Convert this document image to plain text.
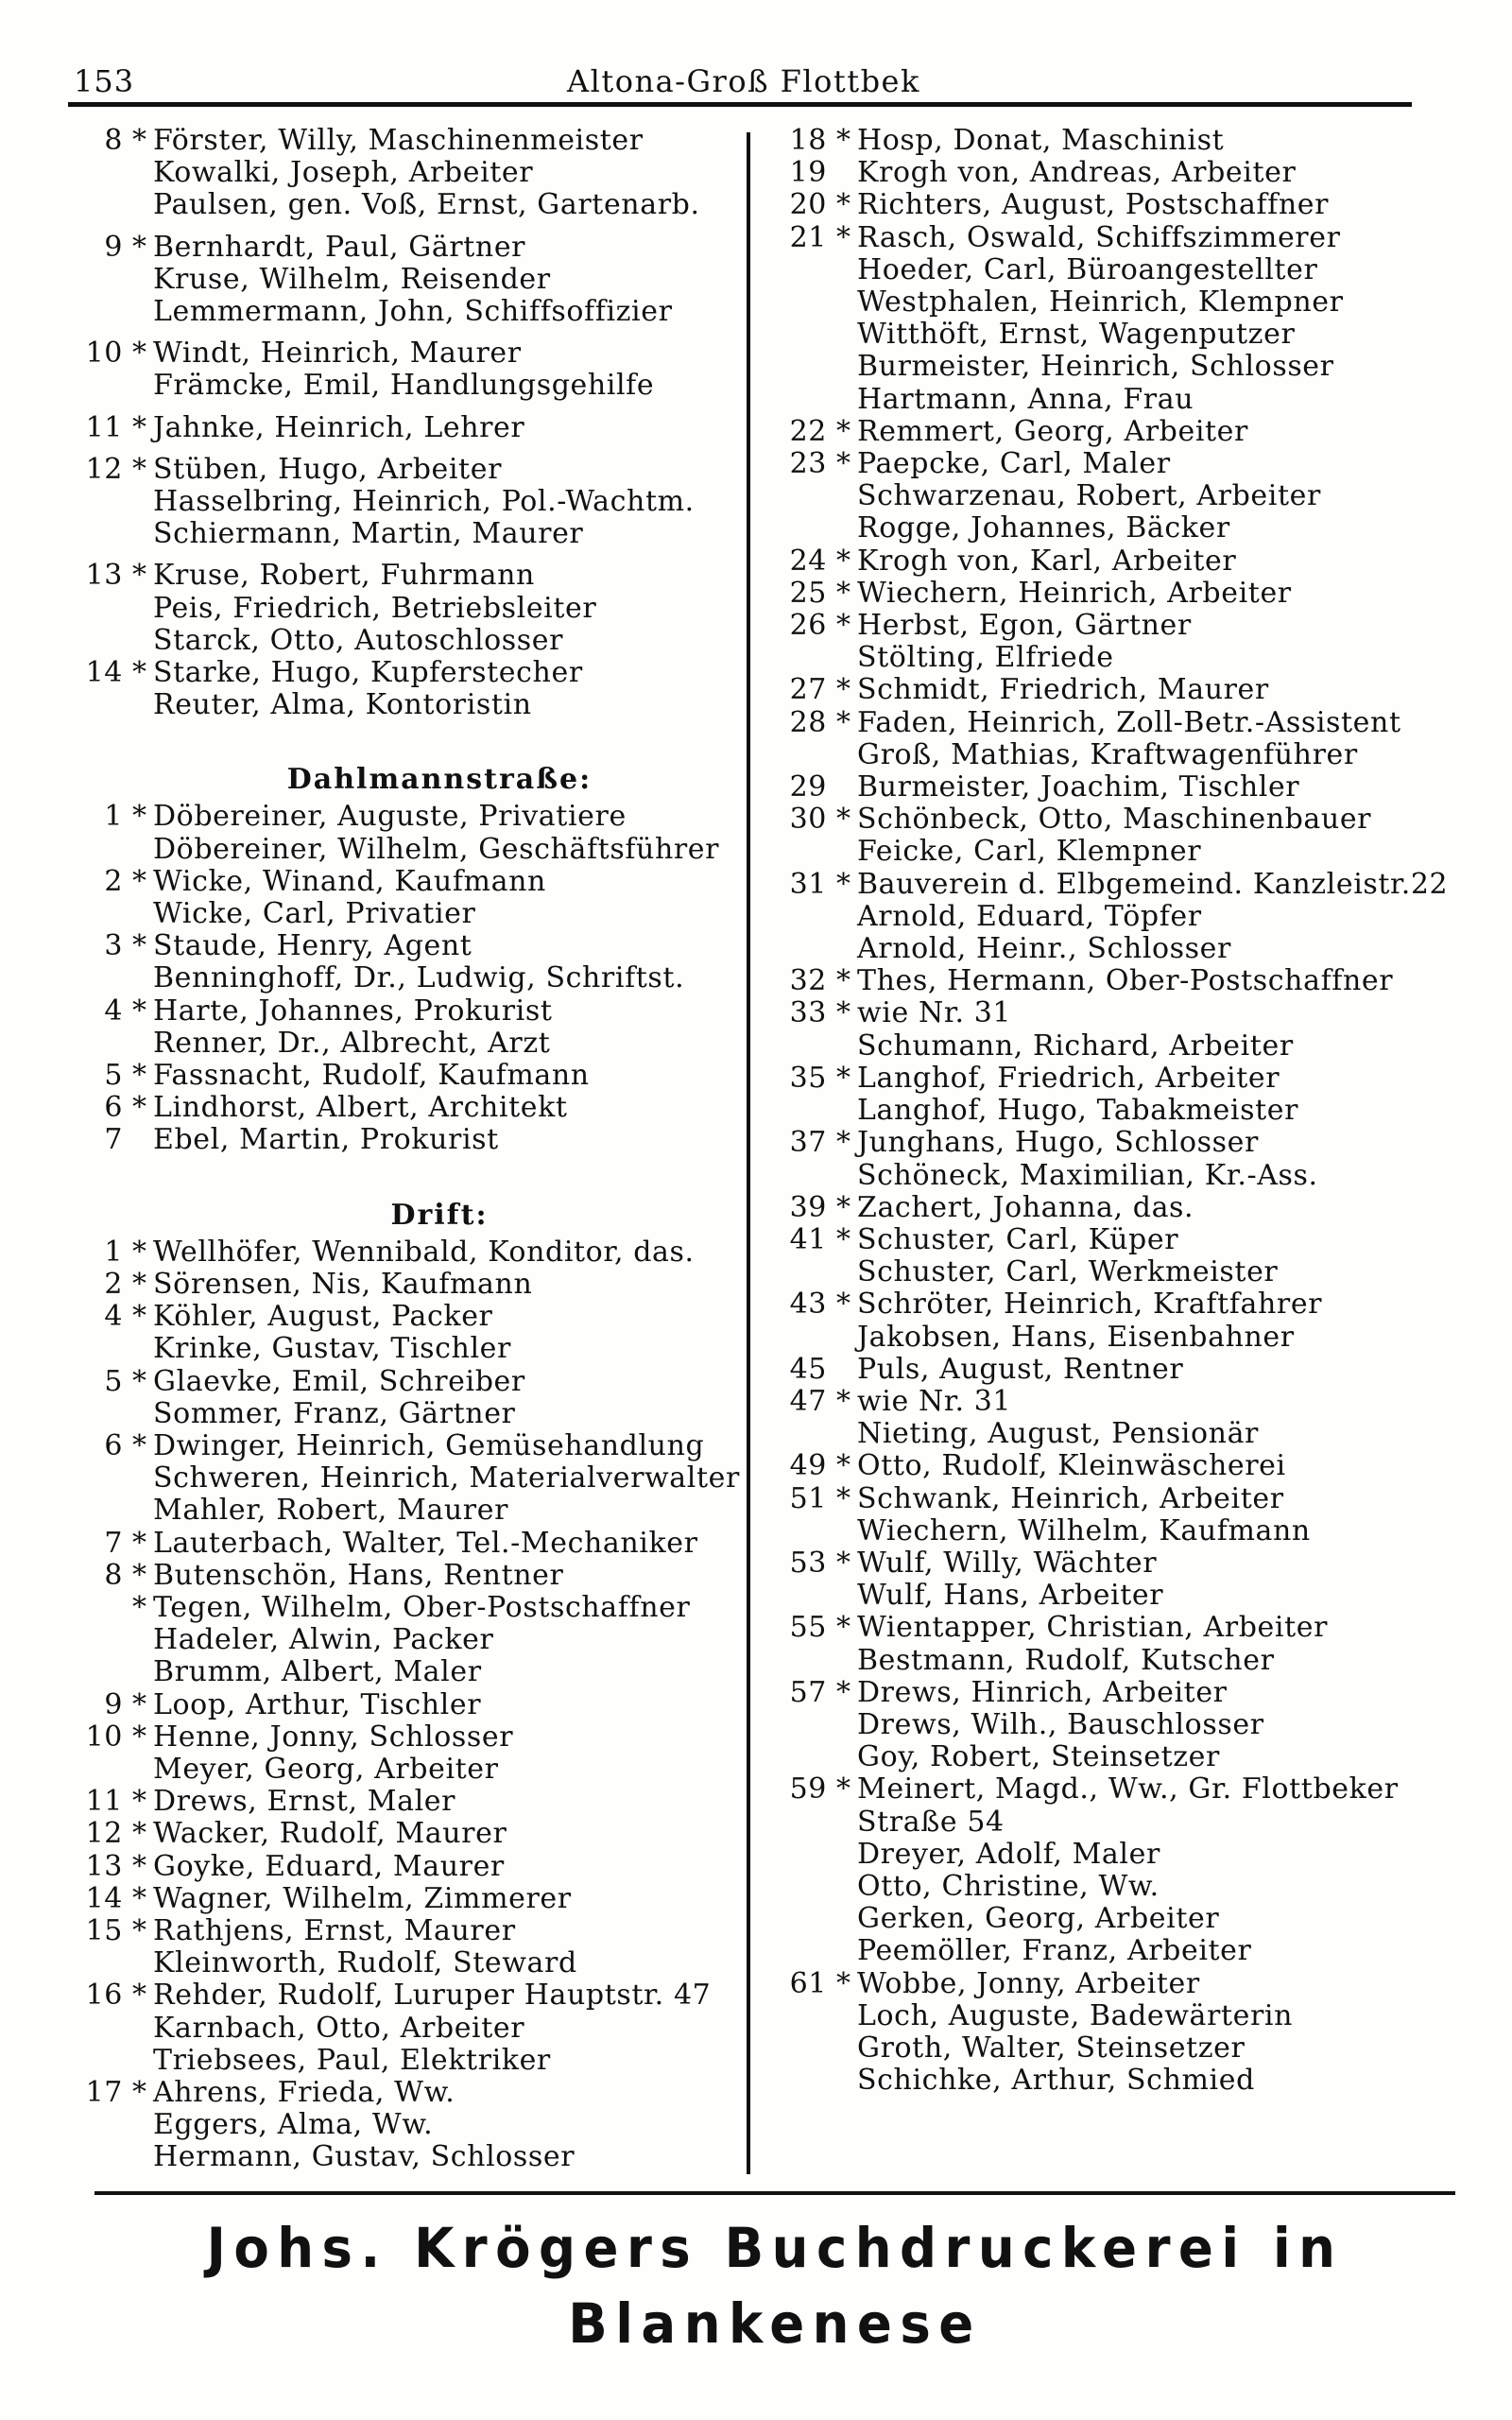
153	Altona-Groß Flottbek
8 * Förster, Willy, Maschinenmeister
Kowalki, Joseph, Arbeiter
Paulsen, gen. Voß, Ernst, Gartenarb.
9 * Bernhardt, Paul, Gärtner
Kruse, Wilhelm, Reisender
Lemmermann, John, Schiffsoffizier
10 * Windt, Heinrich, Maurer
Främcke, Emil, Handlungsgehilfe
11 * Jahnke, Heinrich, Lehrer
12 * Stüben, Hugo, Arbeiter
Hasselbring, Heinrich, Pol.-Wachtm.
Schiermann, Martin, Maurer
13 * Kruse, Robert, Fuhrmann
Peis, Friedrich, Betriebsleiter
Starck, Otto, Autoschlosser
14 * Starke, Hugo, Kupferstecher
Reuter, Alma, Kontoristin
Dahlmannstraße:
1 * Döbereiner, Auguste, Privatiere
Döbereiner, Wilhelm, Geschäftsführer
2 * Wicke, Winand, Kaufmann
Wicke, Carl, Privatier
3 * Staude, Henry, Agent
Benninghoff, Dr., Ludwig, Schriftst.
4 * Harte, Johannes, Prokurist
Renner, Dr., Albrecht, Arzt
5 * Fassnacht, Rudolf, Kaufmann
6 * Lindhorst, Albert, Architekt
7	Ebel, Martin, Prokurist
Drift:
1 * Wellhöfer, Wennibald, Konditor, das.
2 * Sörensen, Nis, Kaufmann
4 * Köhler, August, Packer
Krinke, Gustav, Tischler
5 * Glaevke, Emil, Schreiber
Sommer, Franz, Gärtner
6 * Dwinger, Heinrich, Gemüsehandlung
Schweren, Heinrich, Materialverwalter
Mahler, Robert, Maurer
7 * Lauterbach, Walter, Tel.-Mechaniker
8 * Butenschön, Hans, Rentner
* Tegen, Wilhelm, Ober-Postschaffner
Hadeler, Alwin, Packer
Brumm, Albert, Maler
9 * Loop, Arthur, Tischler
10 * Henne, Jonny, Schlosser
Meyer, Georg, Arbeiter
11 * Drews, Ernst, Maler
12 * Wacker, Rudolf, Maurer
13 * Goyke, Eduard, Maurer
14 * Wagner, Wilhelm, Zimmerer
15 * Rathjens, Ernst, Maurer
Kleinworth, Rudolf, Steward
16 * Rehder, Rudolf, Luruper Hauptstr. 47
Karnbach, Otto, Arbeiter
Triebsees, Paul, Elektriker
17 * Ahrens, Frieda, Ww.
Eggers, Alma, Ww.
Hermann, Gustav, Schlosser
18 * Hosp, Donat, Maschinist
19	Krogh von, Andreas, Arbeiter
20 * Richters, August, Postschaffner
21 * Rasch, Oswald, Schiffszimmerer
Hoeder, Carl, Büroangestellter
Westphalen, Heinrich, Klempner
Witthöft, Ernst, Wagenputzer
Burmeister, Heinrich, Schlosser
Hartmann, Anna, Frau
22 * Remmert, Georg, Arbeiter
23 * Paepcke, Carl, Maler
Schwarzenau, Robert, Arbeiter
Rogge, Johannes, Bäcker
24 * Krogh von, Karl, Arbeiter
25 * Wiechern, Heinrich, Arbeiter
26 * Herbst, Egon, Gärtner
Stölting, Elfriede
27 * Schmidt, Friedrich, Maurer
28 * Faden, Heinrich, Zoll-Betr.-Assistent
Groß, Mathias, Kraftwagenführer
29	Burmeister, Joachim, Tischler
30 * Schönbeck, Otto, Maschinenbauer
Feicke, Carl, Klempner
31 * Bauverein d. Elbgemeind. Kanzleistr.22
Arnold, Eduard, Töpfer
Arnold, Heinr., Schlosser
32 * Thes, Hermann, Ober-Postschaffner
33 * wie Nr. 31
Schumann, Richard, Arbeiter
35 * Langhof, Friedrich, Arbeiter
Langhof, Hugo, Tabakmeister
37 * Junghans, Hugo, Schlosser
Schöneck, Maximilian, Kr.-Ass.
39 * Zachert, Johanna, das.
41 * Schuster, Carl, Küper
Schuster, Carl, Werkmeister
43 * Schröter, Heinrich, Kraftfahrer
Jakobsen, Hans, Eisenbahner
45	Puls, August, Rentner
47 * wie Nr. 31
Nieting, August, Pensionär
49 * Otto, Rudolf, Kleinwäscherei
51 * Schwank, Heinrich, Arbeiter
Wiechern, Wilhelm, Kaufmann
53 * Wulf, Willy, Wächter
Wulf, Hans, Arbeiter
55 * Wientapper, Christian, Arbeiter
Bestmann, Rudolf, Kutscher
57 * Drews, Hinrich, Arbeiter
Drews, Wilh., Bauschlosser
Goy, Robert, Steinsetzer
59 * Meinert, Magd., Ww., Gr. Flottbeker
Straße 54
Dreyer, Adolf, Maler
Otto, Christine, Ww.
Gerken, Georg, Arbeiter
Peemöller, Franz, Arbeiter
61 * Wobbe, Jonny, Arbeiter
Loch, Auguste, Badewärterin
Groth, Walter, Steinsetzer
Schichke, Arthur, Schmied
Johs. Krögers Buchdruckerei in Blankenese
